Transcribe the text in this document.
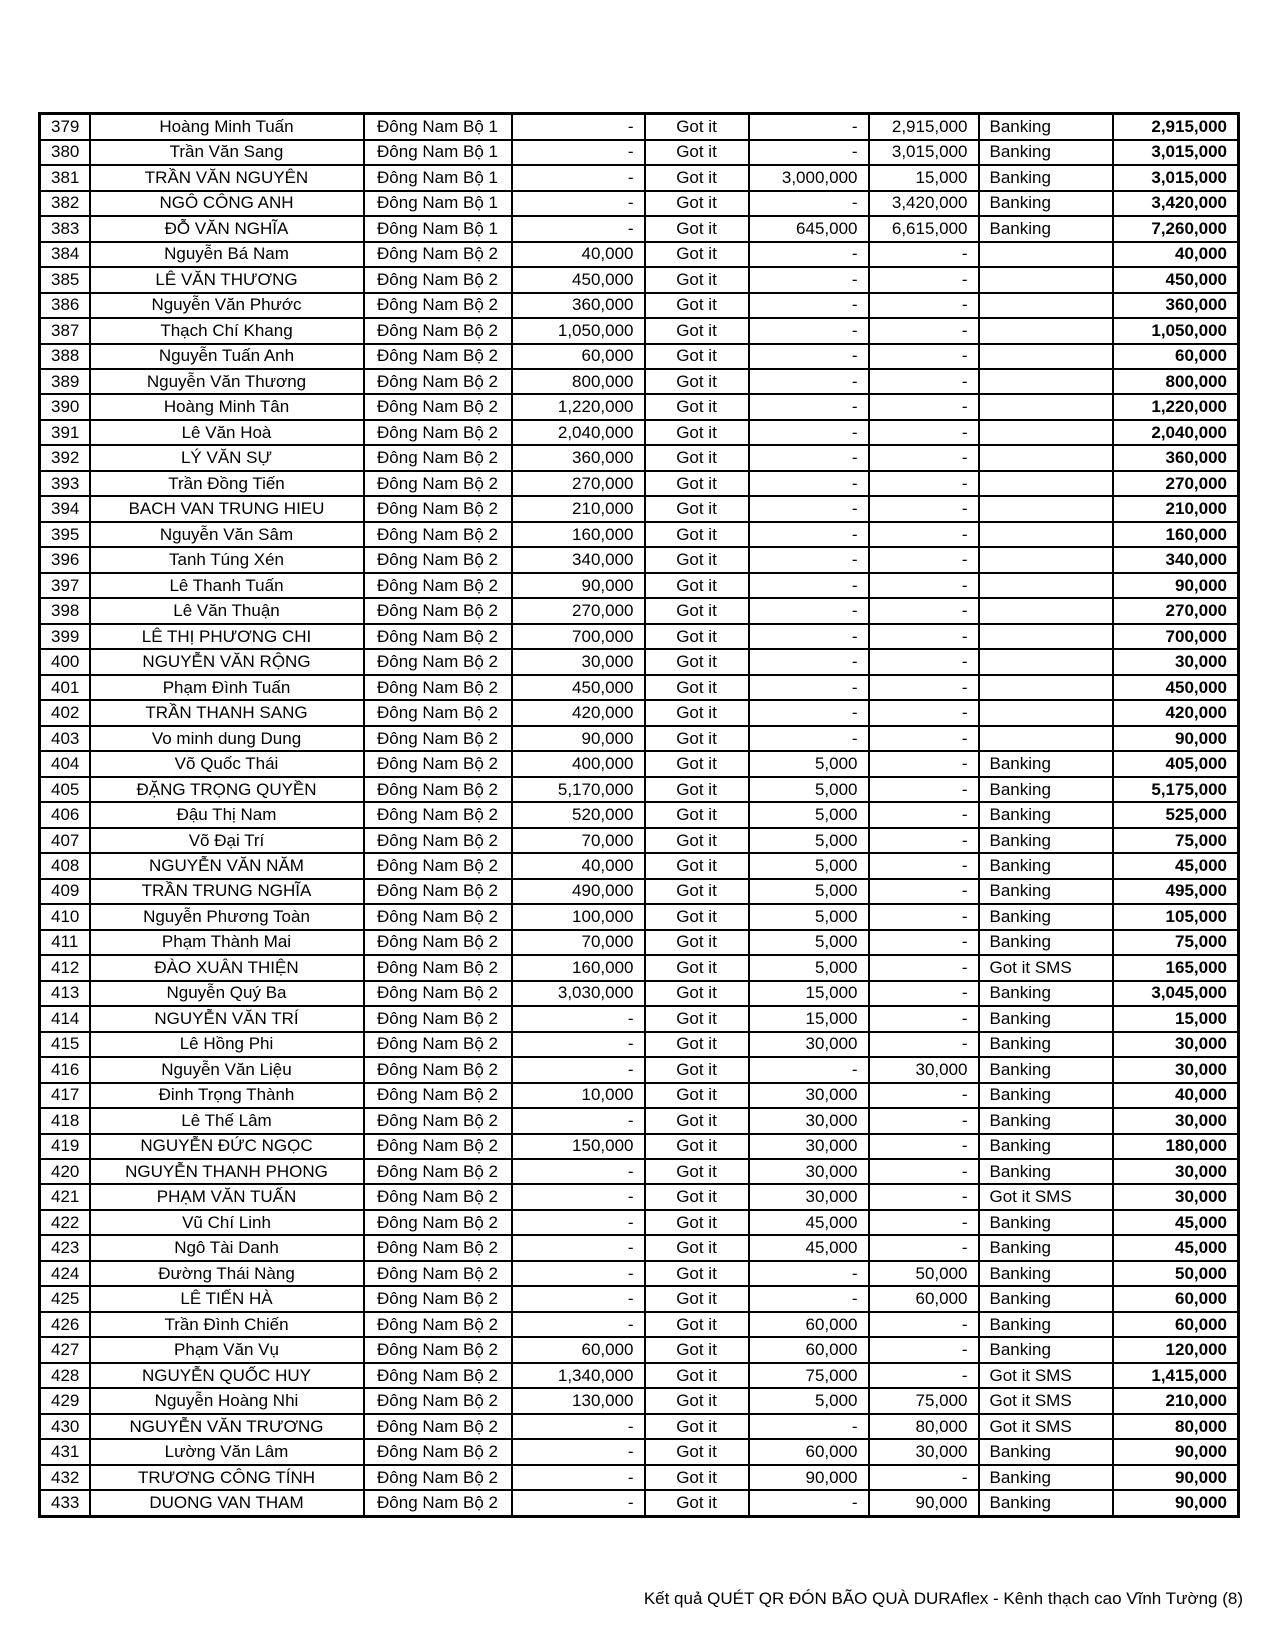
379	Hoàng Minh Tuấn	Đông Nam Bộ 1	-	Got it	-	2,915,000	Banking	2,915,000
380	Trần Văn Sang	Đông Nam Bộ 1	-	Got it	-	3,015,000	Banking	3,015,000
381	TRẦN VĂN NGUYÊN	Đông Nam Bộ 1	-	Got it	3,000,000	15,000	Banking	3,015,000
382	NGÔ CÔNG ANH	Đông Nam Bộ 1	-	Got it	-	3,420,000	Banking	3,420,000
383	ĐỖ VĂN NGHĨA	Đông Nam Bộ 1	-	Got it	645,000	6,615,000	Banking	7,260,000
384	Nguyễn Bá Nam	Đông Nam Bộ 2	40,000	Got it	-	-		40,000
385	LÊ VĂN THƯƠNG	Đông Nam Bộ 2	450,000	Got it	-	-		450,000
386	Nguyễn Văn Phước	Đông Nam Bộ 2	360,000	Got it	-	-		360,000
387	Thạch Chí Khang	Đông Nam Bộ 2	1,050,000	Got it	-	-		1,050,000
388	Nguyễn Tuấn Anh	Đông Nam Bộ 2	60,000	Got it	-	-		60,000
389	Nguyễn Văn Thương	Đông Nam Bộ 2	800,000	Got it	-	-		800,000
390	Hoàng Minh Tân	Đông Nam Bộ 2	1,220,000	Got it	-	-		1,220,000
391	Lê Văn Hoà	Đông Nam Bộ 2	2,040,000	Got it	-	-		2,040,000
392	LÝ VĂN SỰ	Đông Nam Bộ 2	360,000	Got it	-	-		360,000
393	Trần Đồng Tiến	Đông Nam Bộ 2	270,000	Got it	-	-		270,000
394	BACH VAN TRUNG HIEU	Đông Nam Bộ 2	210,000	Got it	-	-		210,000
395	Nguyễn Văn Sâm	Đông Nam Bộ 2	160,000	Got it	-	-		160,000
396	Tanh Túng Xén	Đông Nam Bộ 2	340,000	Got it	-	-		340,000
397	Lê Thanh Tuấn	Đông Nam Bộ 2	90,000	Got it	-	-		90,000
398	Lê Văn Thuận	Đông Nam Bộ 2	270,000	Got it	-	-		270,000
399	LÊ THỊ PHƯƠNG CHI	Đông Nam Bộ 2	700,000	Got it	-	-		700,000
400	NGUYỄN VĂN RỘNG	Đông Nam Bộ 2	30,000	Got it	-	-		30,000
401	Phạm Đình Tuấn	Đông Nam Bộ 2	450,000	Got it	-	-		450,000
402	TRẦN THANH SANG	Đông Nam Bộ 2	420,000	Got it	-	-		420,000
403	Vo minh dung Dung	Đông Nam Bộ 2	90,000	Got it	-	-		90,000
404	Võ Quốc Thái	Đông Nam Bộ 2	400,000	Got it	5,000	-	Banking	405,000
405	ĐẶNG TRỌNG QUYỀN	Đông Nam Bộ 2	5,170,000	Got it	5,000	-	Banking	5,175,000
406	Đậu Thị Nam	Đông Nam Bộ 2	520,000	Got it	5,000	-	Banking	525,000
407	Võ Đại Trí	Đông Nam Bộ 2	70,000	Got it	5,000	-	Banking	75,000
408	NGUYỄN VĂN NĂM	Đông Nam Bộ 2	40,000	Got it	5,000	-	Banking	45,000
409	TRẦN TRUNG NGHĨA	Đông Nam Bộ 2	490,000	Got it	5,000	-	Banking	495,000
410	Nguyễn Phương Toàn	Đông Nam Bộ 2	100,000	Got it	5,000	-	Banking	105,000
411	Phạm Thành Mai	Đông Nam Bộ 2	70,000	Got it	5,000	-	Banking	75,000
412	ĐÀO XUÂN THIỆN	Đông Nam Bộ 2	160,000	Got it	5,000	-	Got it SMS	165,000
413	Nguyễn Quý Ba	Đông Nam Bộ 2	3,030,000	Got it	15,000	-	Banking	3,045,000
414	NGUYỄN VĂN TRÍ	Đông Nam Bộ 2	-	Got it	15,000	-	Banking	15,000
415	Lê Hồng Phi	Đông Nam Bộ 2	-	Got it	30,000	-	Banking	30,000
416	Nguyễn Văn Liệu	Đông Nam Bộ 2	-	Got it	-	30,000	Banking	30,000
417	Đinh Trọng Thành	Đông Nam Bộ 2	10,000	Got it	30,000	-	Banking	40,000
418	Lê Thế Lâm	Đông Nam Bộ 2	-	Got it	30,000	-	Banking	30,000
419	NGUYỄN ĐỨC NGỌC	Đông Nam Bộ 2	150,000	Got it	30,000	-	Banking	180,000
420	NGUYỄN THANH PHONG	Đông Nam Bộ 2	-	Got it	30,000	-	Banking	30,000
421	PHẠM VĂN TUẤN	Đông Nam Bộ 2	-	Got it	30,000	-	Got it SMS	30,000
422	Vũ Chí Linh	Đông Nam Bộ 2	-	Got it	45,000	-	Banking	45,000
423	Ngô Tài Danh	Đông Nam Bộ 2	-	Got it	45,000	-	Banking	45,000
424	Đường Thái Nàng	Đông Nam Bộ 2	-	Got it	-	50,000	Banking	50,000
425	LÊ TIẾN HÀ	Đông Nam Bộ 2	-	Got it	-	60,000	Banking	60,000
426	Trần Đình Chiến	Đông Nam Bộ 2	-	Got it	60,000	-	Banking	60,000
427	Phạm Văn Vụ	Đông Nam Bộ 2	60,000	Got it	60,000	-	Banking	120,000
428	NGUYỄN QUỐC HUY	Đông Nam Bộ 2	1,340,000	Got it	75,000	-	Got it SMS	1,415,000
429	Nguyễn Hoàng Nhi	Đông Nam Bộ 2	130,000	Got it	5,000	75,000	Got it SMS	210,000
430	NGUYỄN VĂN TRƯƠNG	Đông Nam Bộ 2	-	Got it	-	80,000	Got it SMS	80,000
431	Lường Văn Lâm	Đông Nam Bộ 2	-	Got it	60,000	30,000	Banking	90,000
432	TRƯƠNG CÔNG TÍNH	Đông Nam Bộ 2	-	Got it	90,000	-	Banking	90,000
433	DUONG VAN THAM	Đông Nam Bộ 2	-	Got it	-	90,000	Banking	90,000
Kết quả QUÉT QR ĐÓN BÃO QUÀ DURAflex - Kênh thạch cao Vĩnh Tường (8)
